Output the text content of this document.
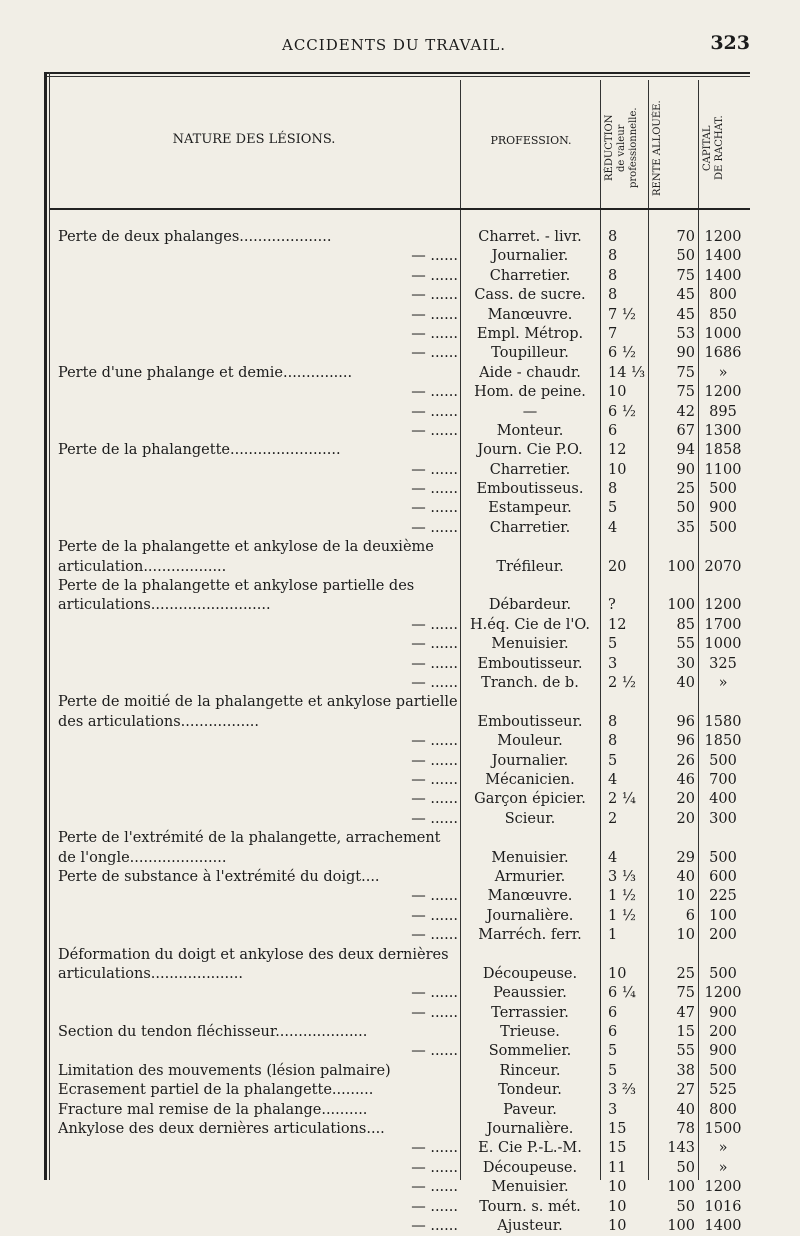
ACCIDENTS DU TRAVAIL.	323
NATURE DES LÉSIONS.	PROFESSION.	RÉDUCTION
de valeur
professionnelle.	RENTE ALLOUÉE.	CAPITAL
DE RACHAT.
Perte de deux phalanges....................	Charret. - livr.	8	70 1200
— ......	Journalier.	8	50 1400
— ......	Charretier.	8	75 1400
— ......	Cass. de sucre.	8	45 800
— ......	Manœuvre.	7 ½	45 850
— ......	Empl. Métrop.	7	53 1000
— ......	Toupilleur.	6 ½	90 1686
Perte d'une phalange et demie...............	Aide - chaudr.	14 ⅓	75	»
— ......	Hom. de peine.	10	75 1200
— ......	—	6 ½	42 895
— ......	Monteur.	6	67 1300
Perte de la phalangette........................	Journ. Cie P.O.	12	94 1858
— ......	Charretier.	10	90 1100
— ......	Emboutisseus.	8	25 500
— ......	Estampeur.	5	50 900
— ......	Charretier.	4	35 500
Perte de la phalangette et ankylose de la deuxième articulation..................	Tréfileur.	20	100 2070
Perte de la phalangette et ankylose partielle des articulations..........................	Débardeur.	?	100 1200
— ...... H.éq. Cie de l'O.	12	85 1700
— ......	Menuisier.	5	55 1000
— ......	Emboutisseur.	3	30 325
— ......	Tranch. de b.	2 ½	40	»
Perte de moitié de la phalangette et ankylose partielle des articulations.................	Emboutisseur.	8	96 1580
— ......	Mouleur.	8	96 1850
— ......	Journalier.	5	26 500
— ......	Mécanicien.	4	46 700
— ......	Garçon épicier.	2 ¼	20 400
— ......	Scieur.	2	20 300
Perte de l'extrémité de la phalangette, arrachement de l'ongle.....................	Menuisier.	4	29 500
Perte de substance à l'extrémité du doigt....	Armurier.	3 ⅓	40 600
— ......	Manœuvre.	1 ½	10 225
— ......	Journalière.	1 ½	6 100
— ......	Marréch. ferr.	1	10 200
Déformation du doigt et ankylose des deux dernières articulations....................	Découpeuse.	10	25 500
— ......	Peaussier.	6 ¼	75 1200
— ......	Terrassier.	6	47 900
Section du tendon fléchisseur....................	Trieuse.	6	15 200
— ......	Sommelier.	5	55 900
Limitation des mouvements (lésion palmaire)	Rinceur.	5	38 500
Ecrasement partiel de la phalangette.........	Tondeur.	3 ⅔	27 525
Fracture mal remise de la phalange..........	Paveur.	3	40 800
Ankylose des deux dernières articulations....	Journalière.	15	78 1500
— ......	E. Cie P.-L.-M.	15	143	»
— ......	Découpeuse.	11	50	»
— ......	Menuisier.	10	100 1200
— ......	Tourn. s. mét.	10	50 1016
— ......	Ajusteur.	10	100 1400
